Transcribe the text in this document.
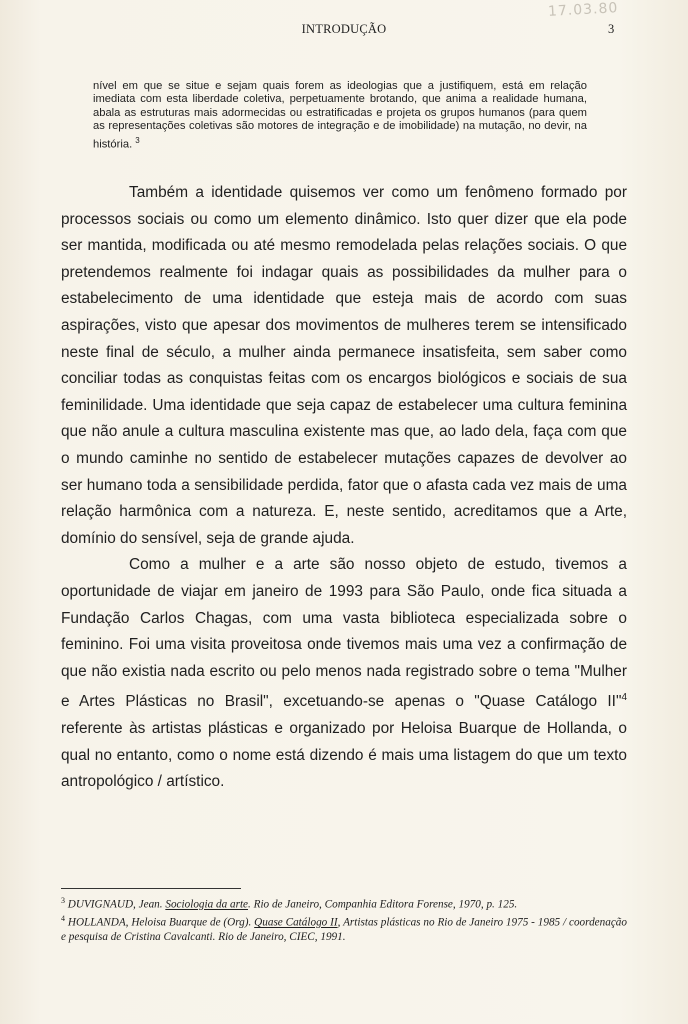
17.03.80
INTRODUÇÃO	3
nível em que se situe e sejam quais forem as ideologias que a justifiquem, está em relação imediata com esta liberdade coletiva, perpetuamente brotando, que anima a realidade humana, abala as estruturas mais adormecidas ou estratificadas e projeta os grupos humanos (para quem as representações coletivas são motores de integração e de imobilidade) na mutação, no devir, na história. $^3$

Também a identidade quisemos ver como um fenômeno formado por processos sociais ou como um elemento dinâmico. Isto quer dizer que ela pode ser mantida, modificada ou até mesmo remodelada pelas relações sociais. O que pretendemos realmente foi indagar quais as possibilidades da mulher para o estabelecimento de uma identidade que esteja mais de acordo com suas aspirações, visto que apesar dos movimentos de mulheres terem se intensificado neste final de século, a mulher ainda permanece insatisfeita, sem saber como conciliar todas as conquistas feitas com os encargos biológicos e sociais de sua feminilidade. Uma identidade que seja capaz de estabelecer uma cultura feminina que não anule a cultura masculina existente mas que, ao lado dela, faça com que o mundo caminhe no sentido de estabelecer mutações capazes de devolver ao ser humano toda a sensibilidade perdida, fator que o afasta cada vez mais de uma relação harmônica com a natureza. E, neste sentido, acreditamos que a Arte, domínio do sensível, seja de grande ajuda.

Como a mulher e a arte são nosso objeto de estudo, tivemos a oportunidade de viajar em janeiro de 1993 para São Paulo, onde fica situada a Fundação Carlos Chagas, com uma vasta biblioteca especializada sobre o feminino. Foi uma visita proveitosa onde tivemos mais uma vez a confirmação de que não existia nada escrito ou pelo menos nada registrado sobre o tema "Mulher e Artes Plásticas no Brasil", excetuando-se apenas o "Quase Catálogo II"$^4$ referente às artistas plásticas e organizado por Heloisa Buarque de Hollanda, o qual no entanto, como o nome está dizendo é mais uma listagem do que um texto antropológico / artístico.

$^3$ DUVIGNAUD, Jean. Sociologia da arte. Rio de Janeiro, Companhia Editora Forense, 1970, p. 125.

$^4$ HOLLANDA, Heloisa Buarque de (Org). Quase Catálogo II, Artistas plásticas no Rio de Janeiro 1975 - 1985 / coordenação e pesquisa de Cristina Cavalcanti. Rio de Janeiro, CIEC, 1991.
